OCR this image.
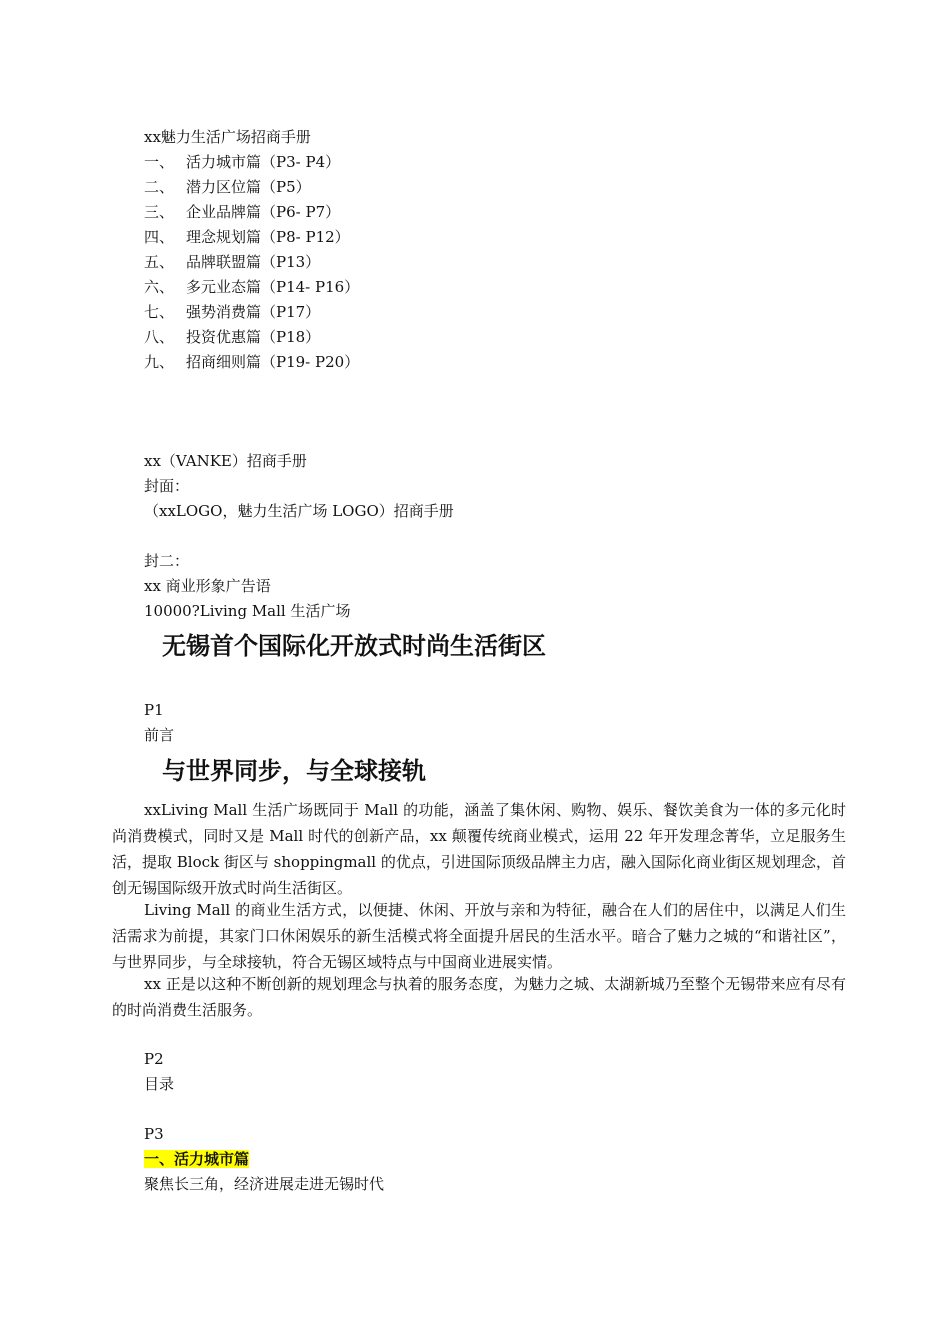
xx魅力生活广场招商手册
一、 活力城市篇（P3- P4）
二、 潜力区位篇（P5）
三、 企业品牌篇（P6- P7）
四、 理念规划篇（P8- P12）
五、 品牌联盟篇（P13）
六、 多元业态篇（P14- P16）
七、 强势消费篇（P17）
八、 投资优惠篇（P18）
九、 招商细则篇（P19- P20）
xx（VANKE）招商手册
封面：
（xxLOGO，魅力生活广场 LOGO）招商手册
封二：
xx 商业形象广告语
10000?Living Mall 生活广场
无锡首个国际化开放式时尚生活街区
P1
前言
与世界同步，与全球接轨
xxLiving Mall 生活广场既同于 Mall 的功能，涵盖了集休闲、购物、娱乐、餐饮美食为一体的多元化时尚消费模式，同时又是 Mall 时代的创新产品，xx 颠覆传统商业模式，运用 22 年开发理念菁华，立足服务生活，提取 Block 街区与 shoppingmall 的优点，引进国际顶级品牌主力店，融入国际化商业街区规划理念，首创无锡国际级开放式时尚生活街区。
Living Mall 的商业生活方式，以便捷、休闲、开放与亲和为特征，融合在人们的居住中，以满足人们生活需求为前提，其家门口休闲娱乐的新生活模式将全面提升居民的生活水平。暗合了魅力之城的“和谐社区”，与世界同步，与全球接轨，符合无锡区域特点与中国商业进展实情。
xx 正是以这种不断创新的规划理念与执着的服务态度，为魅力之城、太湖新城乃至整个无锡带来应有尽有的时尚消费生活服务。
P2
目录
P3
一、活力城市篇
聚焦长三角，经济进展走进无锡时代
